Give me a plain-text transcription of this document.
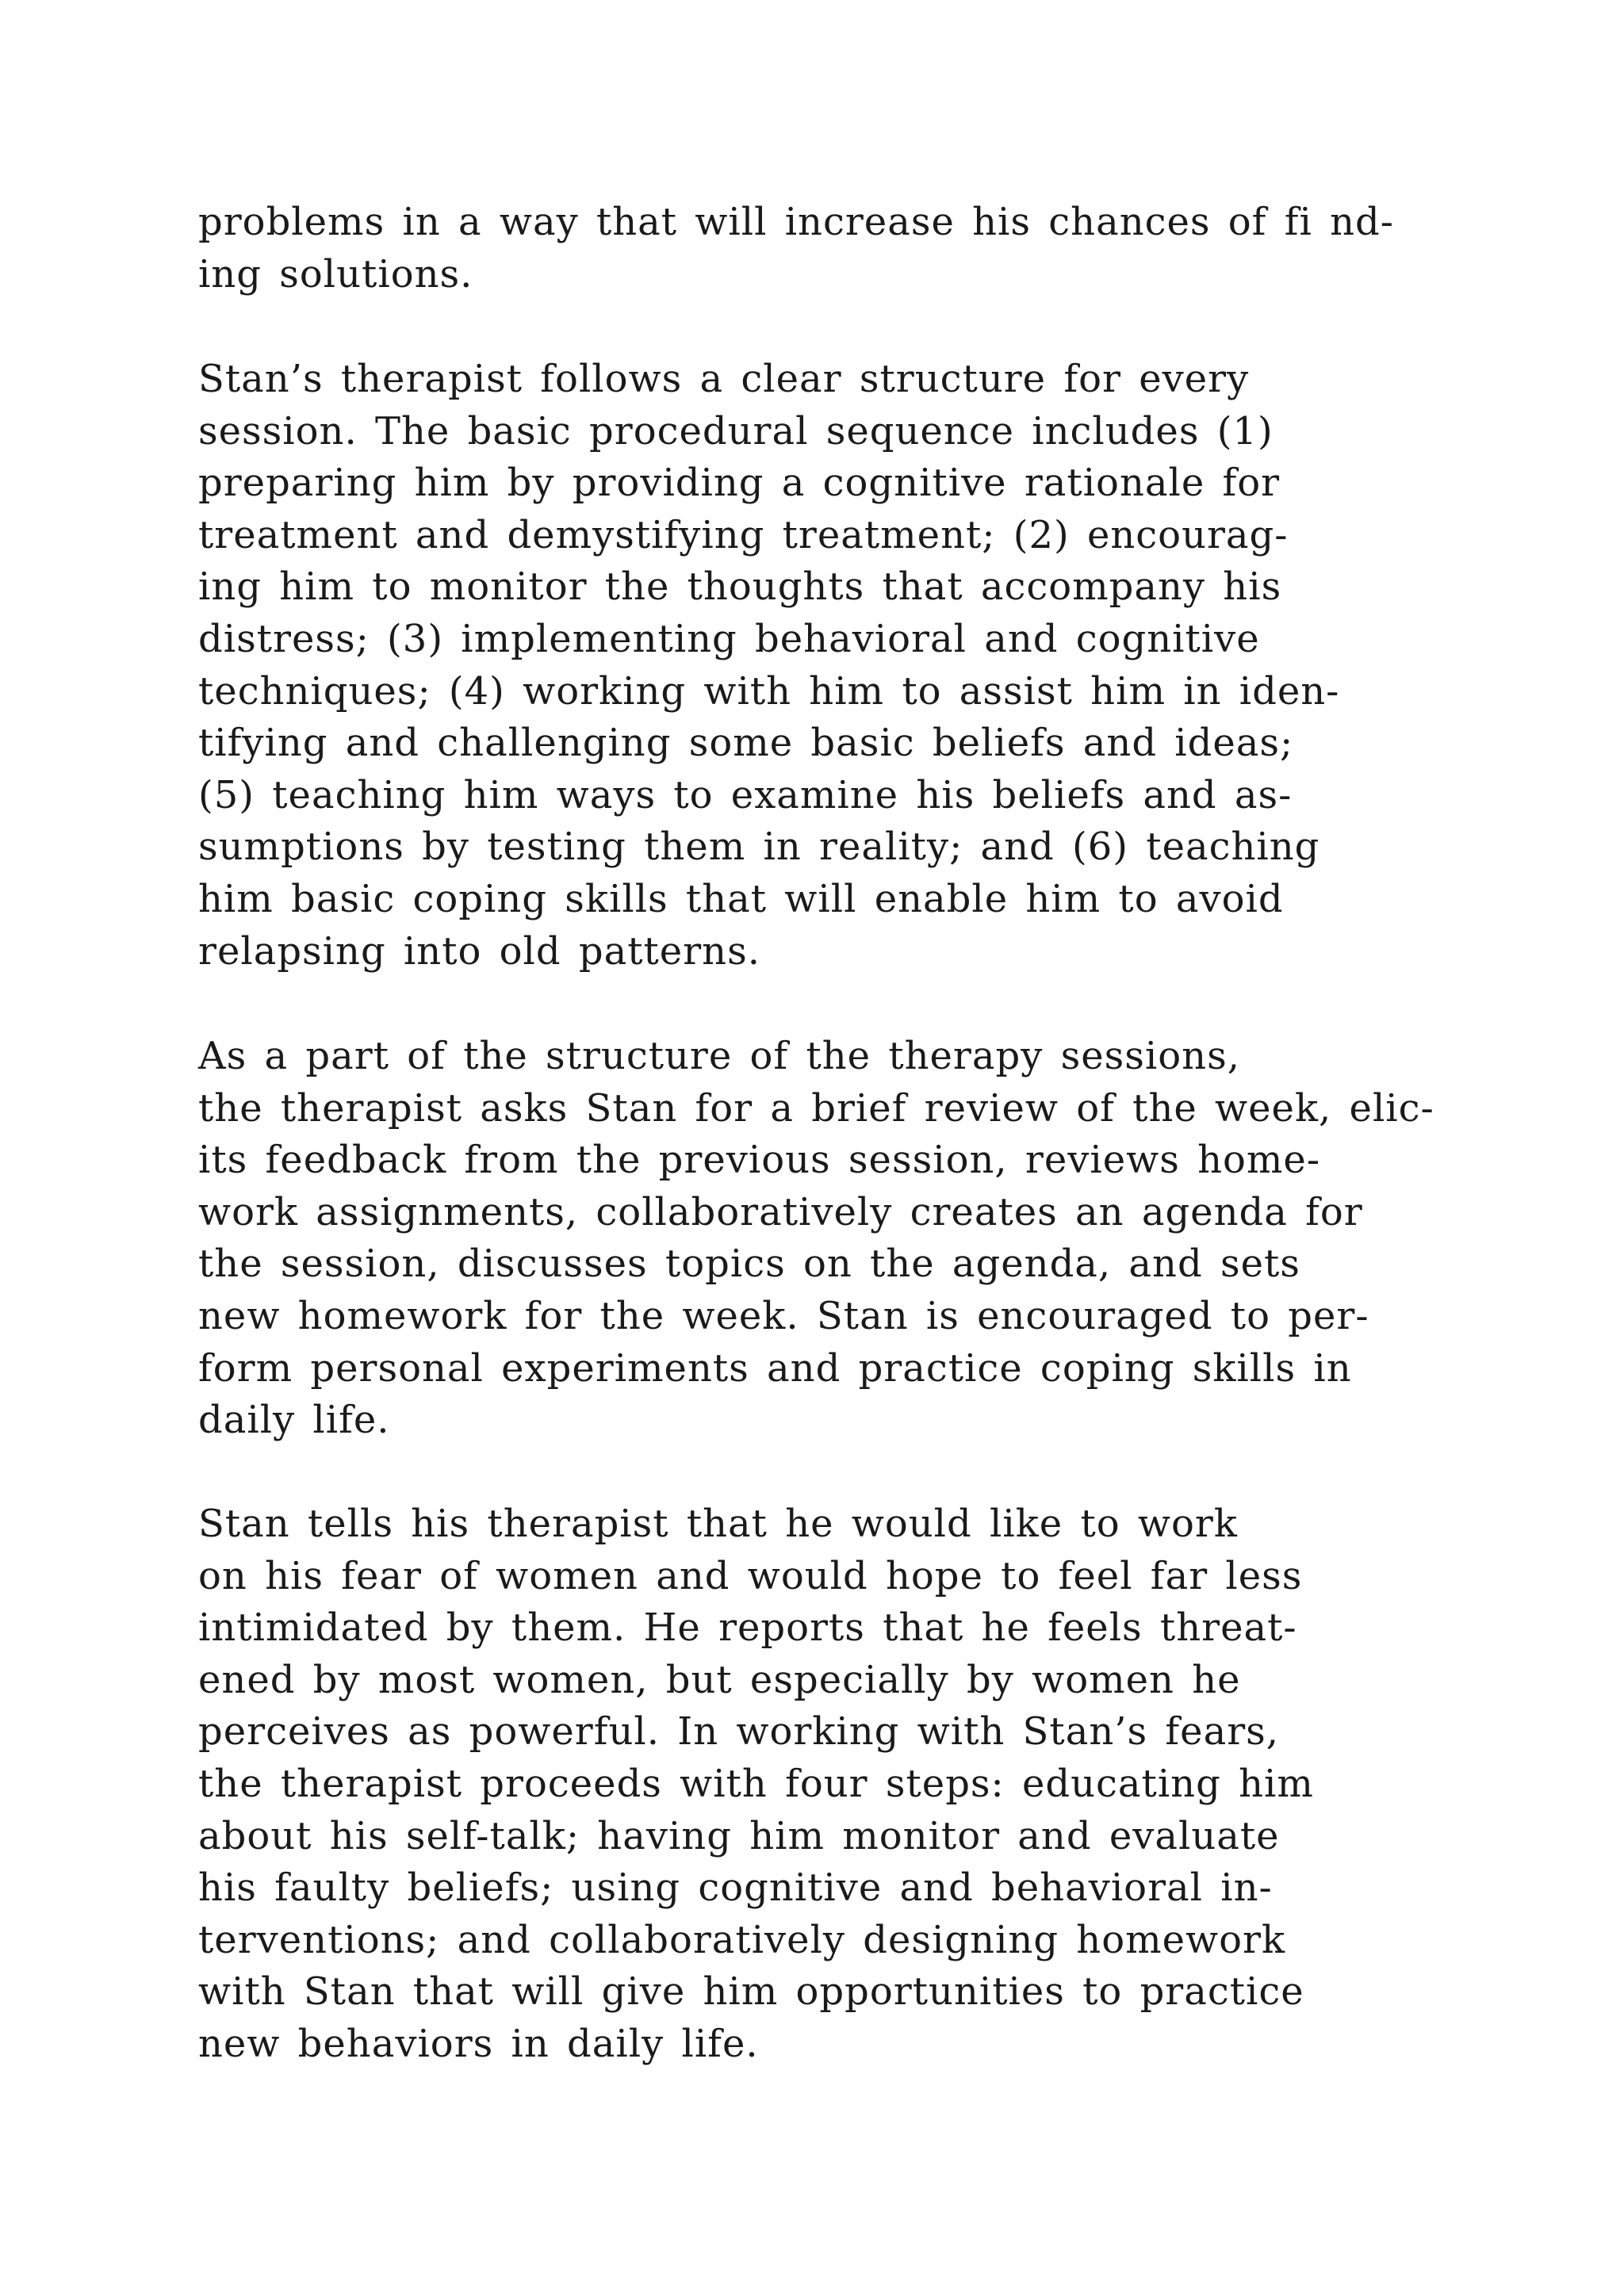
problems in a way that will increase his chances of fi nd-
ing solutions.
Stan’s therapist follows a clear structure for every
session. The basic procedural sequence includes (1)
preparing him by providing a cognitive rationale for
treatment and demystifying treatment; (2) encourag-
ing him to monitor the thoughts that accompany his
distress; (3) implementing behavioral and cognitive
techniques; (4) working with him to assist him in iden-
tifying and challenging some basic beliefs and ideas;
(5) teaching him ways to examine his beliefs and as-
sumptions by testing them in reality; and (6) teaching
him basic coping skills that will enable him to avoid
relapsing into old patterns.
As a part of the structure of the therapy sessions,
the therapist asks Stan for a brief review of the week, elic-
its feedback from the previous session, reviews home-
work assignments, collaboratively creates an agenda for
the session, discusses topics on the agenda, and sets
new homework for the week. Stan is encouraged to per-
form personal experiments and practice coping skills in
daily life.
Stan tells his therapist that he would like to work
on his fear of women and would hope to feel far less
intimidated by them. He reports that he feels threat-
ened by most women, but especially by women he
perceives as powerful. In working with Stan’s fears,
the therapist proceeds with four steps: educating him
about his self-talk; having him monitor and evaluate
his faulty beliefs; using cognitive and behavioral in-
terventions; and collaboratively designing homework
with Stan that will give him opportunities to practice
new behaviors in daily life.
